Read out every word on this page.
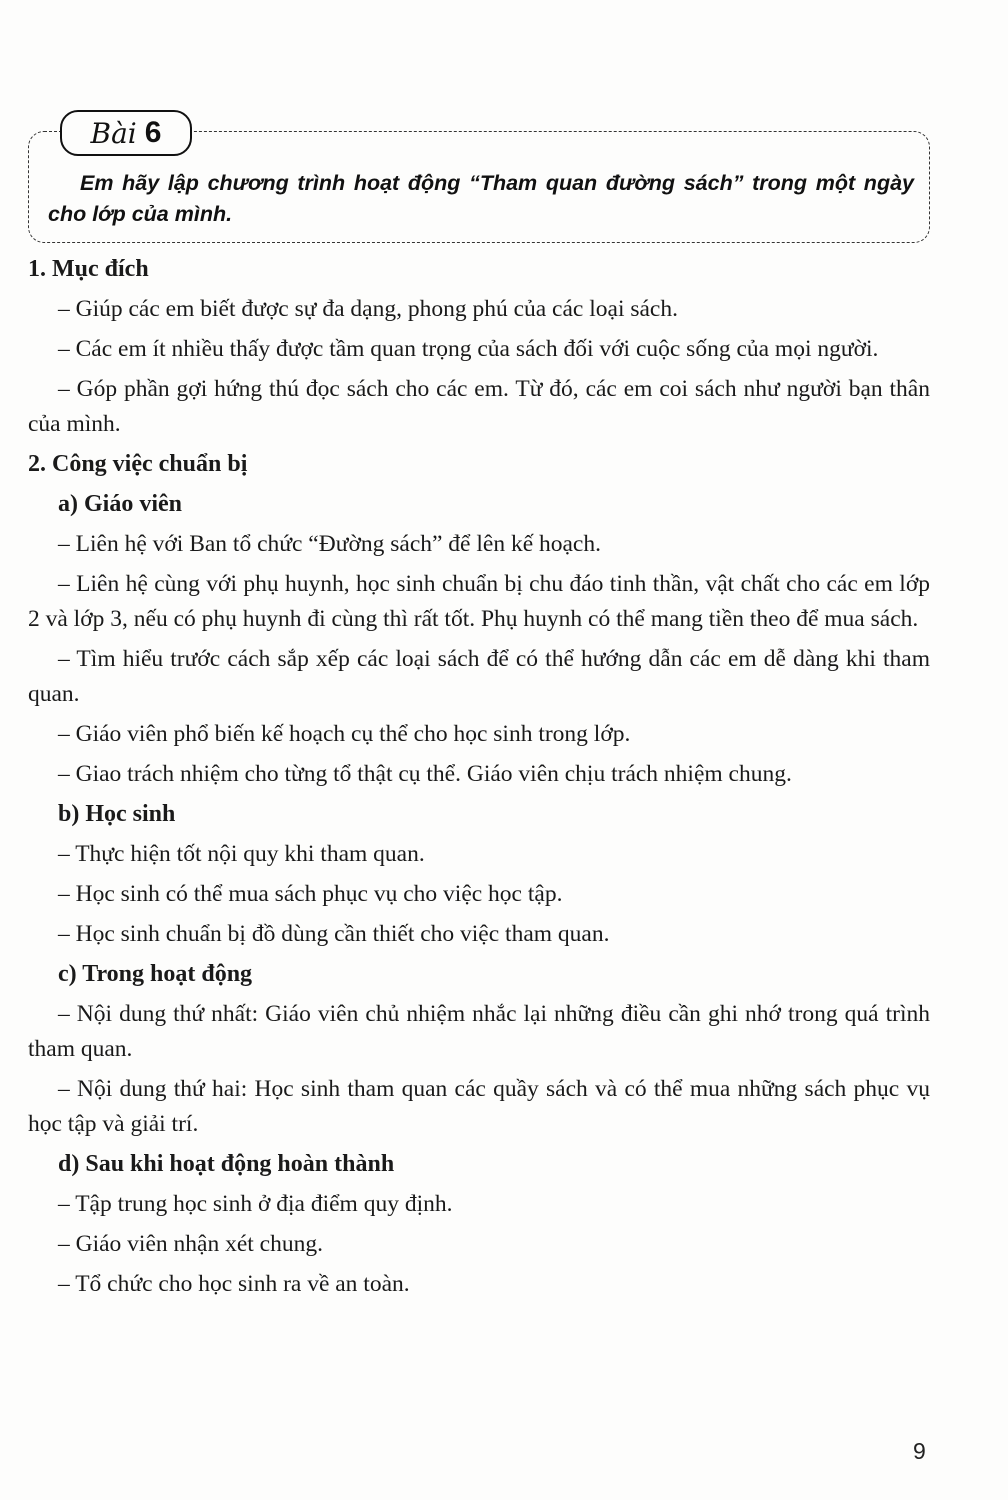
Bài 6
Em hãy lập chương trình hoạt động “Tham quan đường sách” trong một ngày cho lớp của mình.
1. Mục đích

– Giúp các em biết được sự đa dạng, phong phú của các loại sách.

– Các em ít nhiều thấy được tầm quan trọng của sách đối với cuộc sống của mọi người.

– Góp phần gợi hứng thú đọc sách cho các em. Từ đó, các em coi sách như người bạn thân của mình.

2. Công việc chuẩn bị
a) Giáo viên

– Liên hệ với Ban tổ chức “Đường sách” để lên kế hoạch.

– Liên hệ cùng với phụ huynh, học sinh chuẩn bị chu đáo tinh thần, vật chất cho các em lớp 2 và lớp 3, nếu có phụ huynh đi cùng thì rất tốt. Phụ huynh có thể mang tiền theo để mua sách.

– Tìm hiểu trước cách sắp xếp các loại sách để có thể hướng dẫn các em dễ dàng khi tham quan.

– Giáo viên phổ biến kế hoạch cụ thể cho học sinh trong lớp.

– Giao trách nhiệm cho từng tổ thật cụ thể. Giáo viên chịu trách nhiệm chung.

b) Học sinh

– Thực hiện tốt nội quy khi tham quan.

– Học sinh có thể mua sách phục vụ cho việc học tập.

– Học sinh chuẩn bị đồ dùng cần thiết cho việc tham quan.

c) Trong hoạt động

– Nội dung thứ nhất: Giáo viên chủ nhiệm nhắc lại những điều cần ghi nhớ trong quá trình tham quan.

– Nội dung thứ hai: Học sinh tham quan các quầy sách và có thể mua những sách phục vụ học tập và giải trí.

d) Sau khi hoạt động hoàn thành

– Tập trung học sinh ở địa điểm quy định.

– Giáo viên nhận xét chung.

– Tổ chức cho học sinh ra về an toàn.

9
